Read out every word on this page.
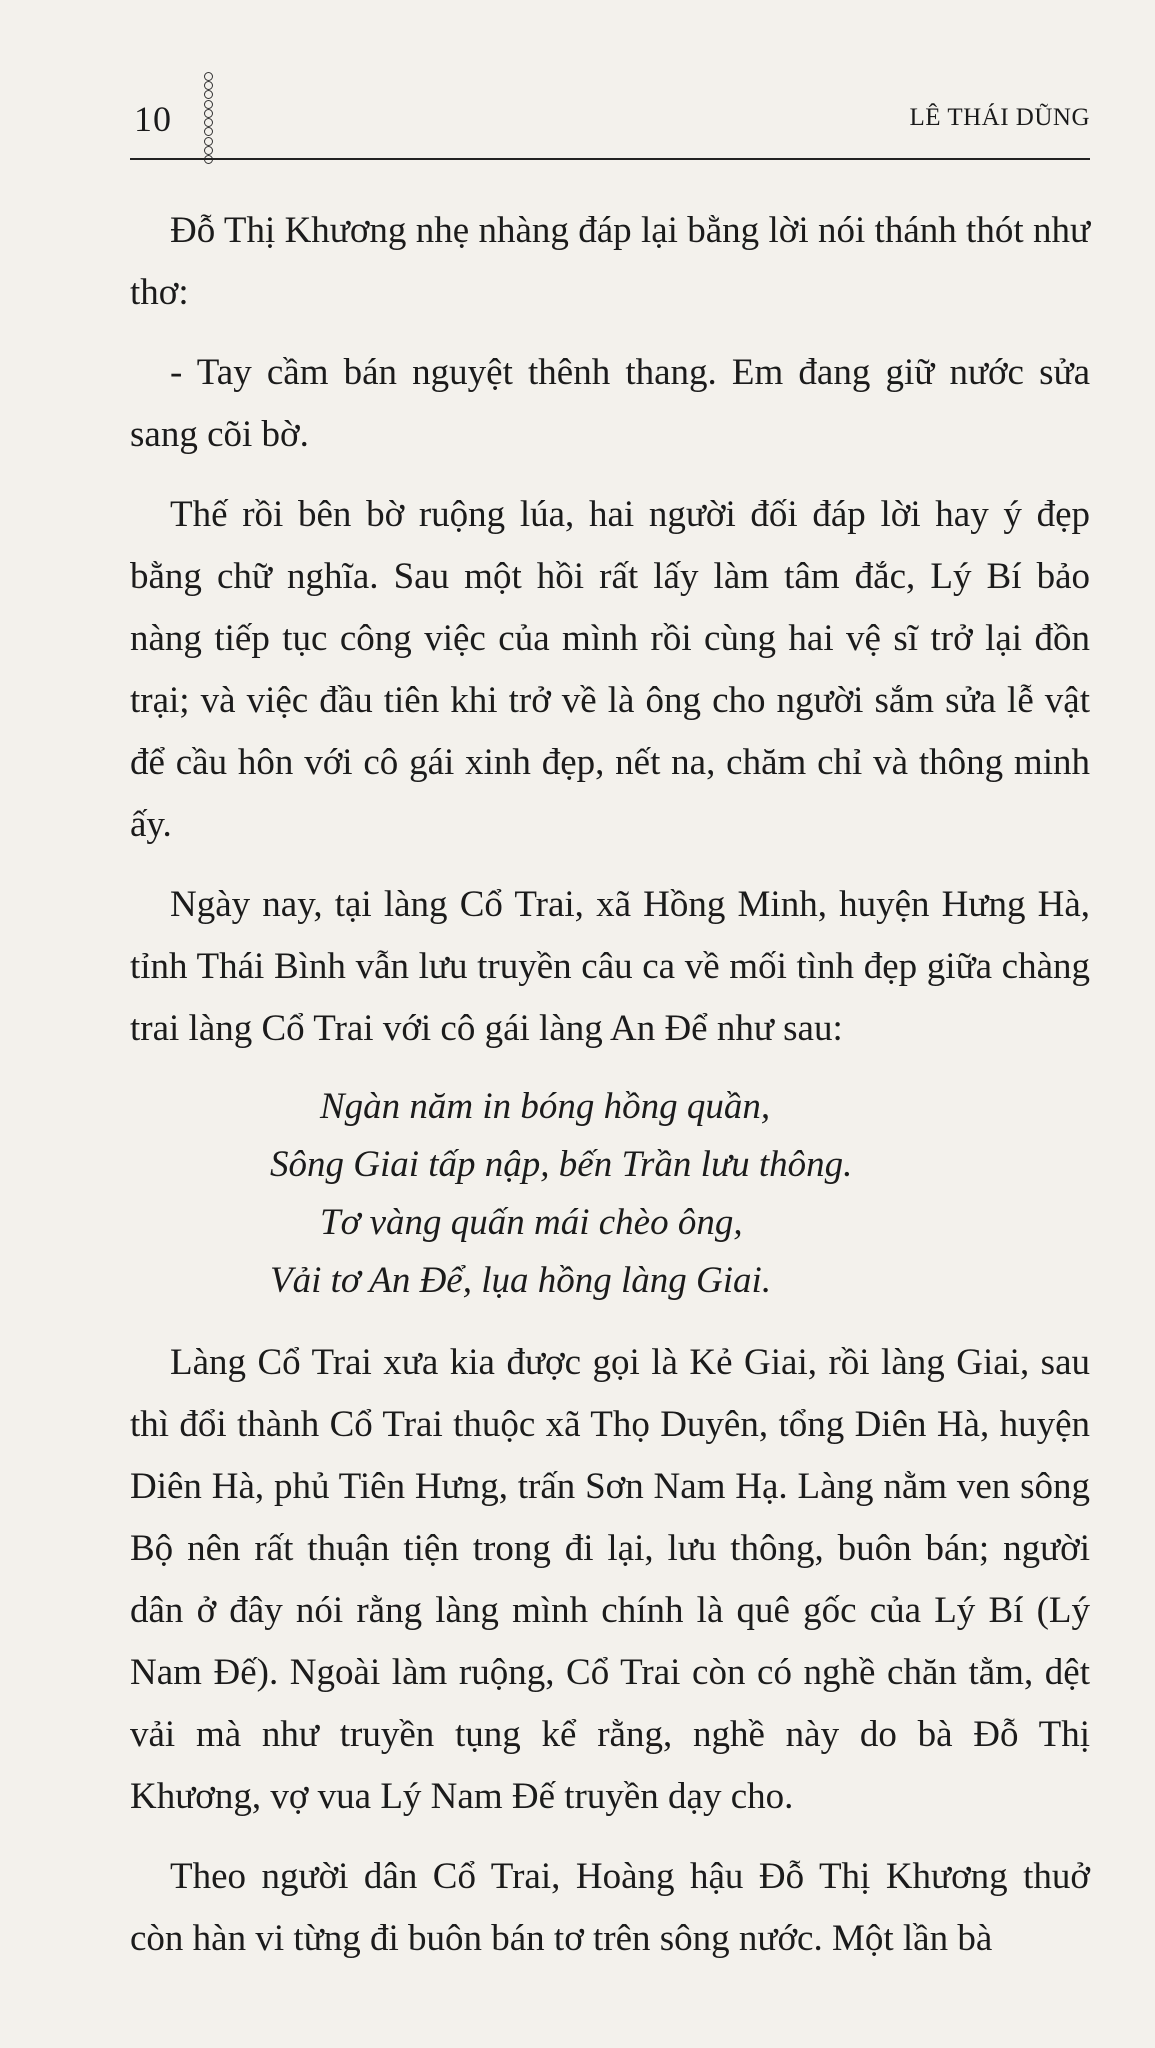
10	LÊ THÁI DŨNG

Đỗ Thị Khương nhẹ nhàng đáp lại bằng lời nói thánh thót như thơ:

- Tay cầm bán nguyệt thênh thang. Em đang giữ nước sửa sang cõi bờ.

Thế rồi bên bờ ruộng lúa, hai người đối đáp lời hay ý đẹp bằng chữ nghĩa. Sau một hồi rất lấy làm tâm đắc, Lý Bí bảo nàng tiếp tục công việc của mình rồi cùng hai vệ sĩ trở lại đồn trại; và việc đầu tiên khi trở về là ông cho người sắm sửa lễ vật để cầu hôn với cô gái xinh đẹp, nết na, chăm chỉ và thông minh ấy.

Ngày nay, tại làng Cổ Trai, xã Hồng Minh, huyện Hưng Hà, tỉnh Thái Bình vẫn lưu truyền câu ca về mối tình đẹp giữa chàng trai làng Cổ Trai với cô gái làng An Để như sau:

Ngàn năm in bóng hồng quần,
Sông Giai tấp nập, bến Trần lưu thông.
Tơ vàng quấn mái chèo ông,
Vải tơ An Để, lụa hồng làng Giai.

Làng Cổ Trai xưa kia được gọi là Kẻ Giai, rồi làng Giai, sau thì đổi thành Cổ Trai thuộc xã Thọ Duyên, tổng Diên Hà, huyện Diên Hà, phủ Tiên Hưng, trấn Sơn Nam Hạ. Làng nằm ven sông Bộ nên rất thuận tiện trong đi lại, lưu thông, buôn bán; người dân ở đây nói rằng làng mình chính là quê gốc của Lý Bí (Lý Nam Đế). Ngoài làm ruộng, Cổ Trai còn có nghề chăn tằm, dệt vải mà như truyền tụng kể rằng, nghề này do bà Đỗ Thị Khương, vợ vua Lý Nam Đế truyền dạy cho.

Theo người dân Cổ Trai, Hoàng hậu Đỗ Thị Khương thuở còn hàn vi từng đi buôn bán tơ trên sông nước. Một lần bà
